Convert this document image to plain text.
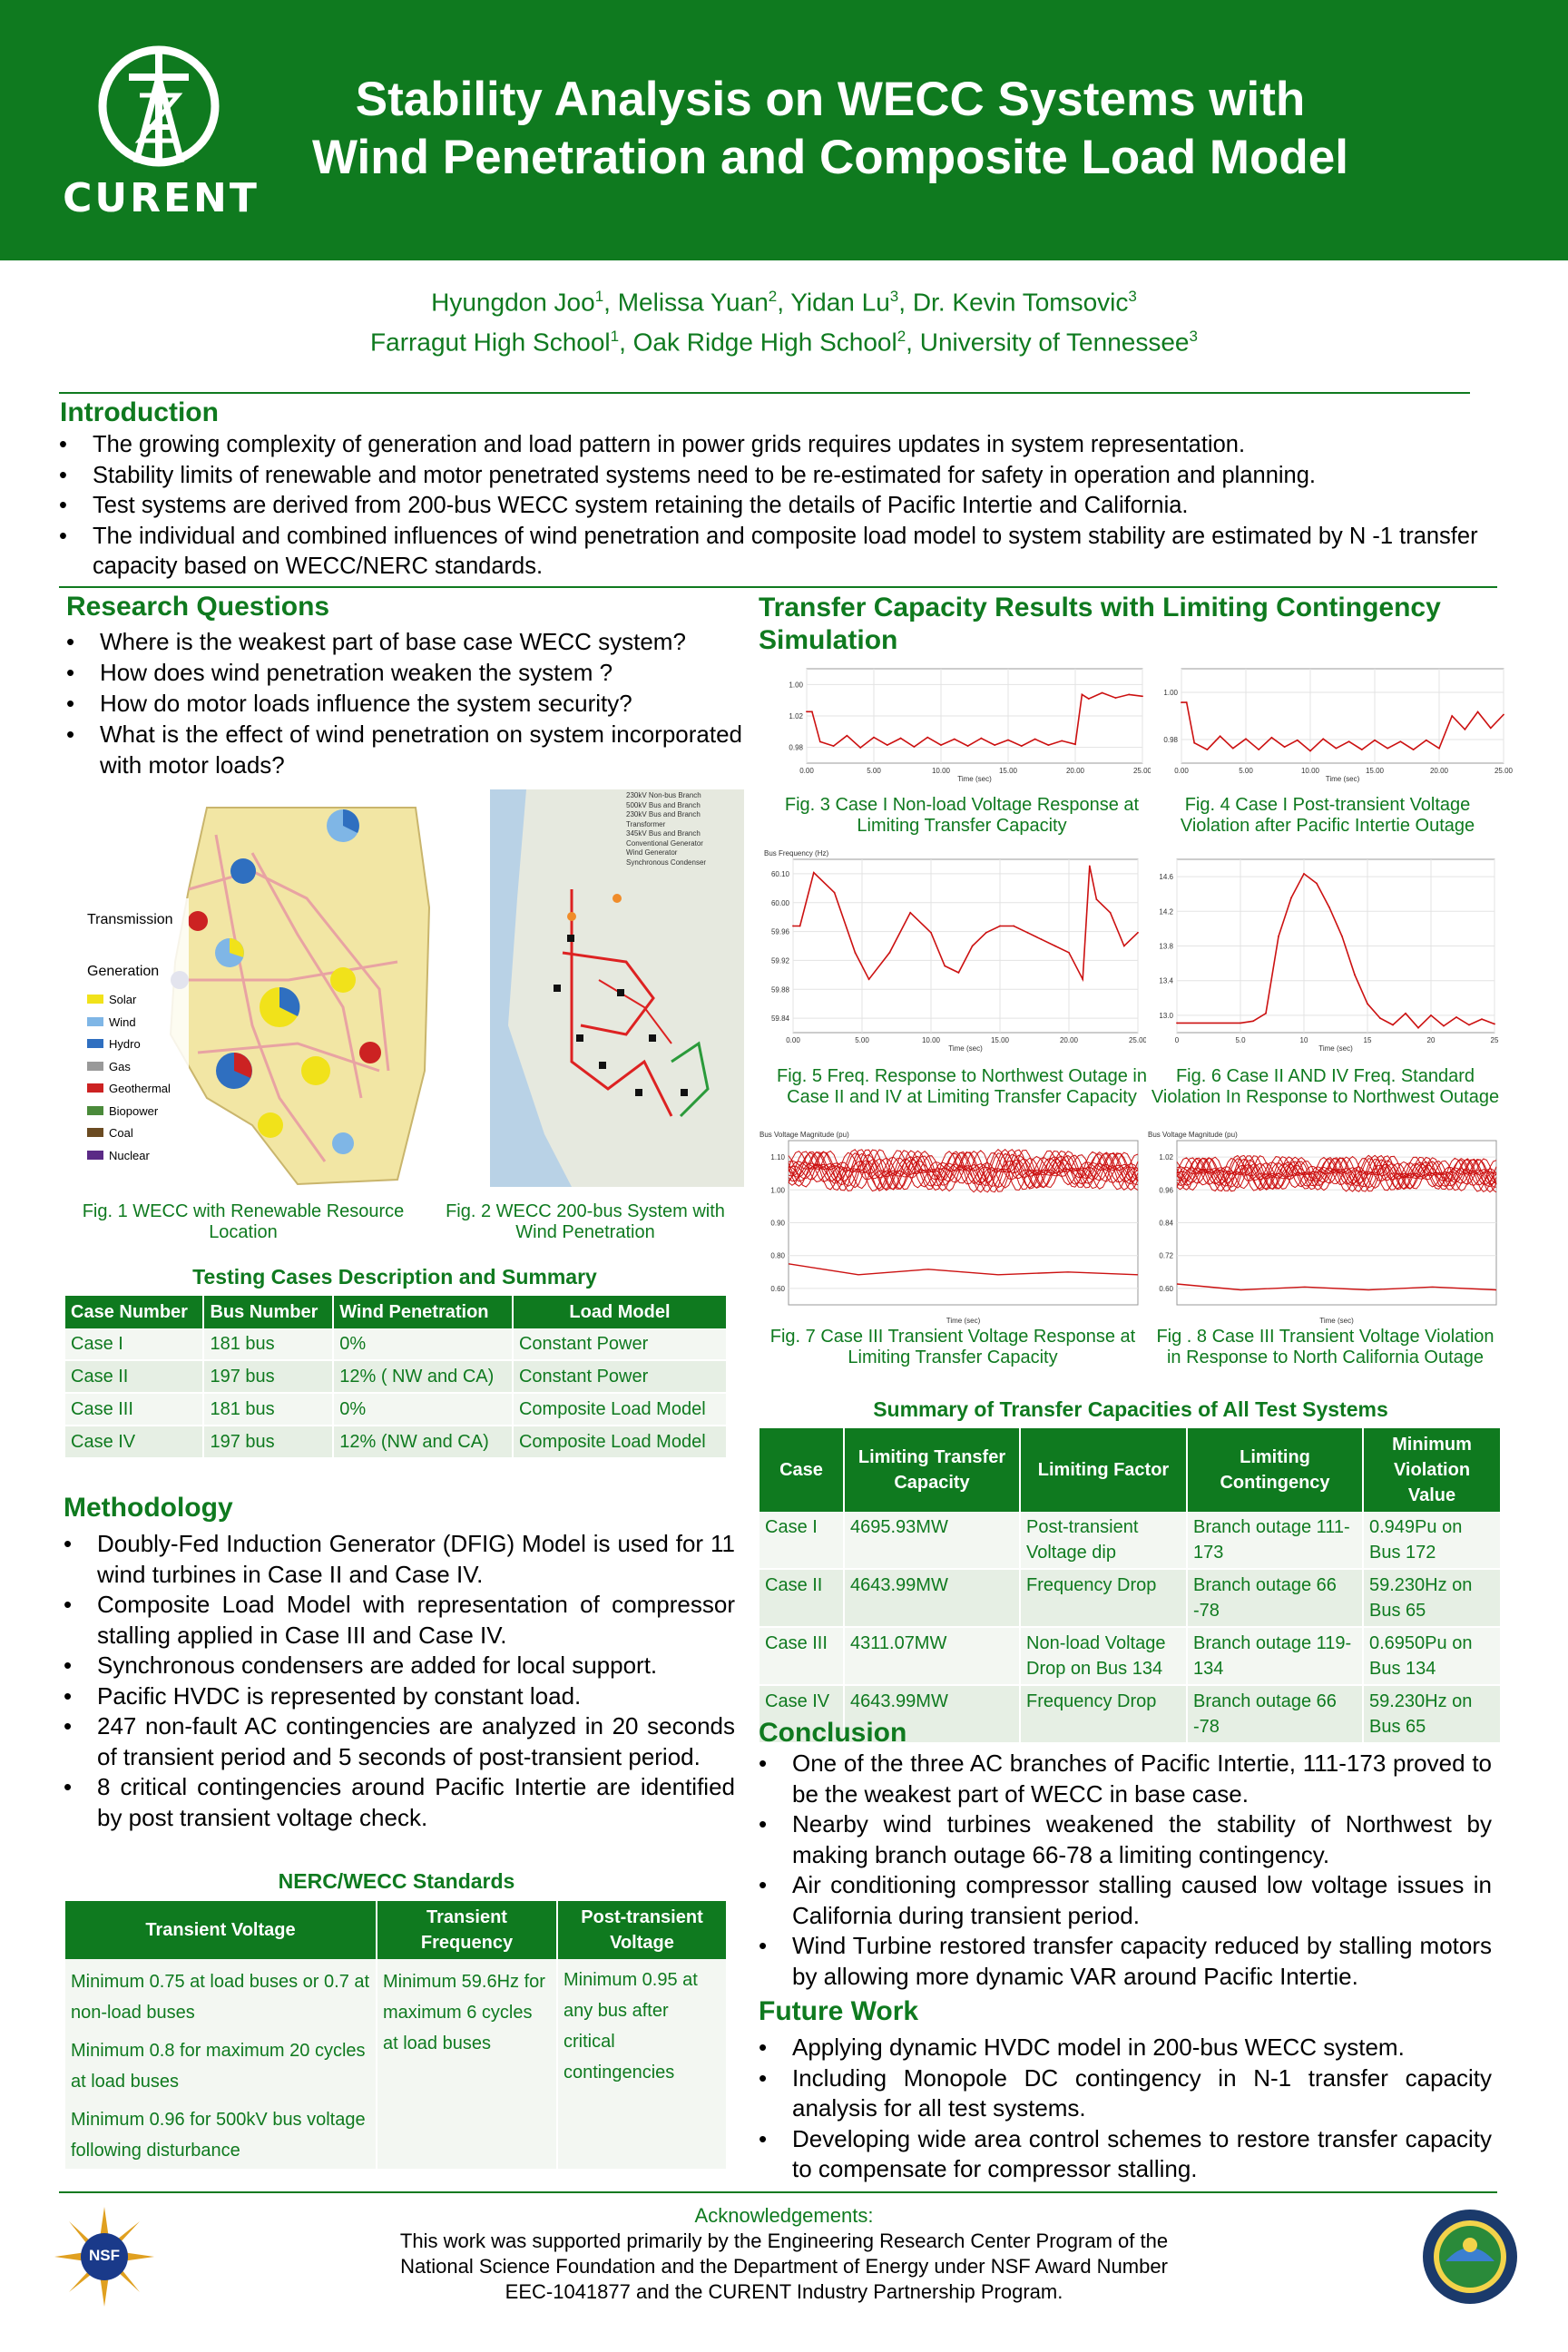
CURENT
Stability Analysis on WECC Systems with
Wind Penetration and Composite Load Model
Hyungdon Joo$^1$, Melissa Yuan$^2$, Yidan Lu$^3$, Dr. Kevin Tomsovic$^3$
Farragut High School$^1$, Oak Ridge High School$^2$, University of Tennessee$^3$
Introduction
• The growing complexity of generation and load pattern in power grids requires updates in system representation.
• Stability limits of renewable and motor penetrated systems need to be re-estimated for safety in operation and planning.
• Test systems are derived from 200-bus WECC system retaining the details of Pacific Intertie and California.
• The individual and combined influences of wind penetration and composite load model to system stability are estimated by N -1 transfer capacity based on WECC/NERC standards.
Research Questions
• Where is the weakest part of base case WECC system?
• How does wind penetration weaken the system ?
• How do motor loads influence the system security?
• What is the effect of wind penetration on system incorporated with motor loads?
Transmission
Generation
Solar
Wind
Hydro
Gas
Geothermal
Biopower
Coal
Nuclear
230kV Non-bus Branch
500kV Bus and Branch
230kV Bus and Branch
Transformer
345kV Bus and Branch
Conventional Generator
Wind Generator
Synchronous Condenser
Fig. 1 WECC with Renewable Resource Location
Fig. 2 WECC 200-bus System with Wind Penetration
Testing Cases Description and Summary
Case Number	Bus Number	Wind Penetration	Load Model
Case I	181 bus	0%	Constant Power
Case II	197 bus	12% ( NW and CA)	Constant Power
Case III	181 bus	0%	Composite Load Model
Case IV	197 bus	12% (NW and CA)	Composite Load Model
Methodology
• Doubly-Fed Induction Generator (DFIG) Model is used for 11 wind turbines in Case II and Case IV.
• Composite Load Model with representation of compressor stalling applied in Case III and Case IV.
• Synchronous condensers are added for local support.
• Pacific HVDC is represented by constant load.
• 247 non-fault AC contingencies are analyzed in 20 seconds of transient period and 5 seconds of post-transient period.
• 8 critical contingencies around Pacific Intertie are identified by post transient voltage check.
NERC/WECC Standards
Transient Voltage	Transient Frequency	Post-transient Voltage

Minimum 0.75 at load buses or 0.7 at non-load buses
Minimum 0.8 for maximum 20 cycles at load buses
Minimum 0.96 for 500kV bus voltage following disturbance	Minimum 59.6Hz for maximum 6 cycles at load buses	Minimum 0.95 at any bus after critical contingencies
Transfer Capacity Results with Limiting Contingency Simulation
1.00
1.02
0.98
0.00	5.00	10.00	15.00	20.00	25.00
Time (sec)
1.00
0.98
0.00	5.00	10.00	15.00	20.00	25.00
Time (sec)
Fig. 3 Case I Non-load Voltage Response at Limiting Transfer Capacity
Fig. 4 Case I Post-transient Voltage Violation after Pacific Intertie Outage
60.10
60.00
59.96
59.92
59.88
59.84
0.00	5.00	10.00	15.00	20.00	25.00
Time (sec)
Bus Frequency (Hz)
14.6
14.2
13.8
13.4
13.0
0	5.0	10	15	20	25
Time (sec)
Fig. 5 Freq. Response to Northwest Outage in Case II and IV at Limiting Transfer Capacity
Fig. 6 Case II AND IV Freq. Standard Violation In Response to Northwest Outage
1.10
1.00
0.90
0.80
0.60
Time (sec)
Bus Voltage Magnitude (pu)
1.02
0.96
0.84
0.72
0.60
Time (sec)
Bus Voltage Magnitude (pu)
Fig. 7 Case III Transient Voltage Response at Limiting Transfer Capacity
Fig . 8 Case III Transient Voltage Violation in Response to North California Outage
Summary of Transfer Capacities of All Test Systems
Case	Limiting Transfer Capacity	Limiting Factor	Limiting Contingency	Minimum Violation Value
Case I	4695.93MW	Post-transient Voltage dip	Branch outage 111-173	0.949Pu on Bus 172
Case II	4643.99MW	Frequency Drop	Branch outage 66 -78	59.230Hz on Bus 65
Case III	4311.07MW	Non-load Voltage Drop on Bus 134	Branch outage 119-134	0.6950Pu on Bus 134
Case IV	4643.99MW	Frequency Drop	Branch outage 66 -78	59.230Hz on Bus 65
Conclusion
• One of the three AC branches of Pacific Intertie, 111-173 proved to be the weakest part of WECC in base case.
• Nearby wind turbines weakened the stability of Northwest by making branch outage 66-78 a limiting contingency.
• Air conditioning compressor stalling caused low voltage issues in California during transient period.
• Wind Turbine restored transfer capacity reduced by stalling motors by allowing more dynamic VAR around Pacific Intertie.
Future Work
• Applying dynamic HVDC model in 200-bus WECC system.
• Including Monopole DC contingency in N-1 transfer capacity analysis for all test systems.
• Developing wide area control schemes to restore transfer capacity to compensate for compressor stalling.
Acknowledgements:
This work was supported primarily by the Engineering Research Center Program of the
National Science Foundation and the Department of Energy under NSF Award Number
EEC-1041877 and the CURENT Industry Partnership Program.
NSF
